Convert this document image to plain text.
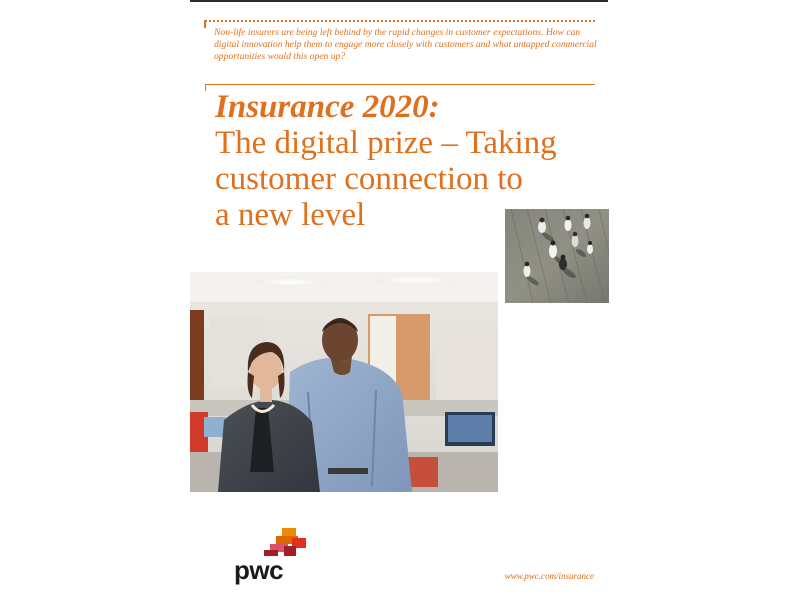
Non-life insurers are being left behind by the rapid changes in customer expectations. How can digital innovation help them to engage more closely with customers and what untapped commercial opportunities would this open up?
Insurance 2020:
The digital prize – Taking
customer connection to
a new level
pwc	www.pwc.com/insurance
